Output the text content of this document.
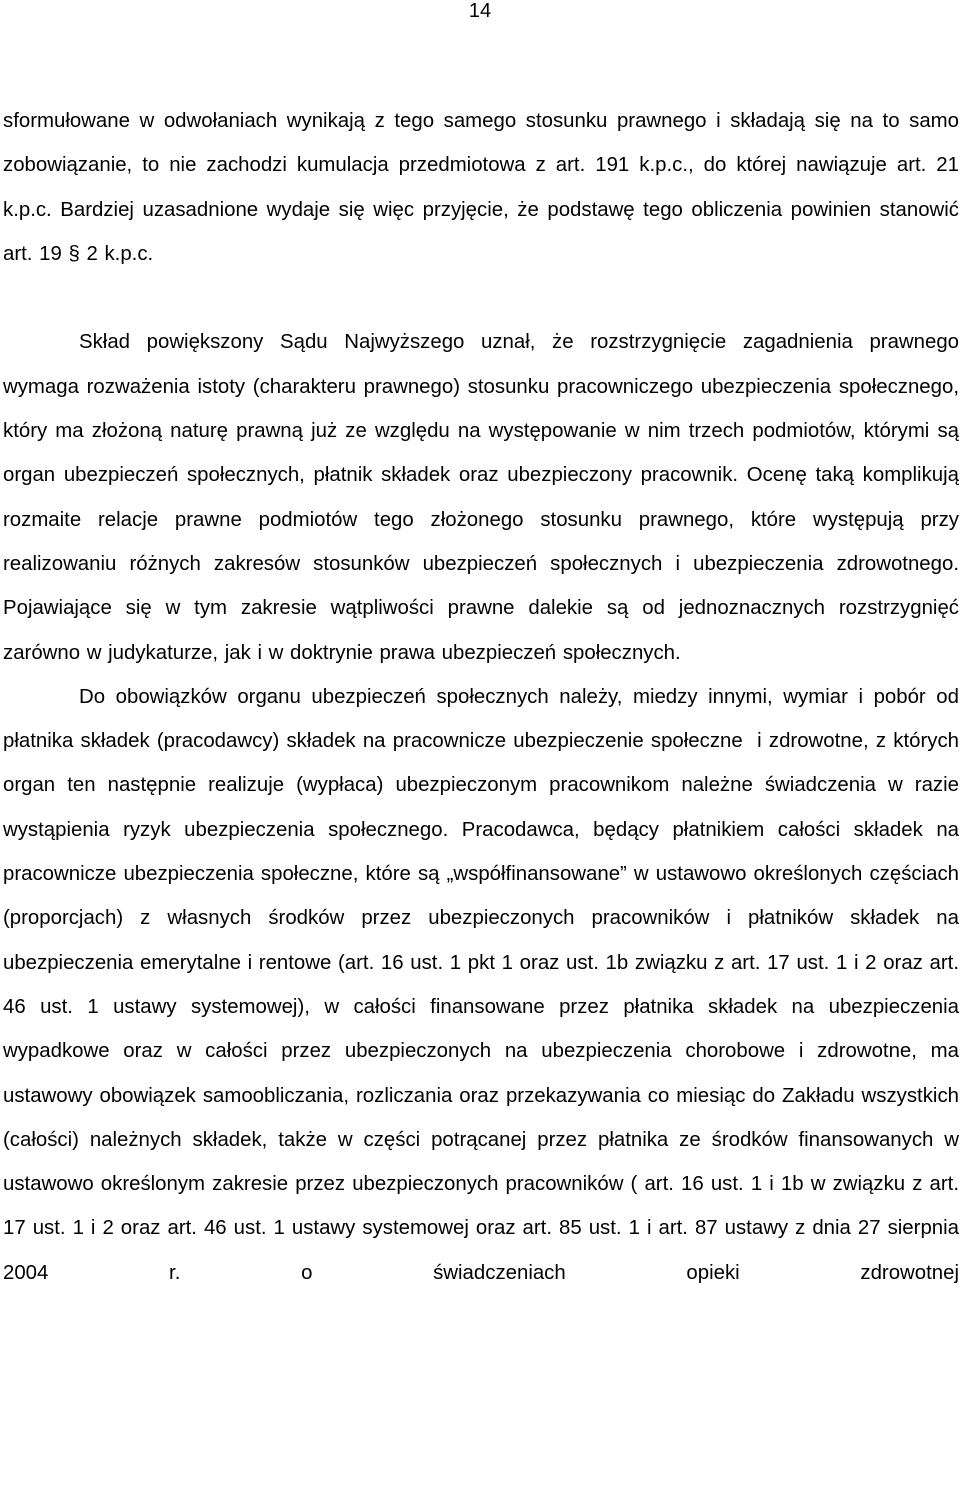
14

sformułowane w odwołaniach wynikają z tego samego stosunku prawnego i składają się na to samo zobowiązanie, to nie zachodzi kumulacja przedmiotowa z art. 191 k.p.c., do której nawiązuje art. 21 k.p.c. Bardziej uzasadnione wydaje się więc przyjęcie, że podstawę tego obliczenia powinien stanowić art. 19 § 2 k.p.c.

Skład powiększony Sądu Najwyższego uznał, że rozstrzygnięcie zagadnienia prawnego wymaga rozważenia istoty (charakteru prawnego) stosunku pracowniczego ubezpieczenia społecznego, który ma złożoną naturę prawną już ze względu na występowanie w nim trzech podmiotów, którymi są organ ubezpieczeń społecznych, płatnik składek oraz ubezpieczony pracownik. Ocenę taką komplikują rozmaite relacje prawne podmiotów tego złożonego stosunku prawnego, które występują przy realizowaniu różnych zakresów stosunków ubezpieczeń społecznych i ubezpieczenia zdrowotnego. Pojawiające się w tym zakresie wątpliwości prawne dalekie są od jednoznacznych rozstrzygnięć zarówno w judykaturze, jak i w doktrynie prawa ubezpieczeń społecznych.

Do obowiązków organu ubezpieczeń społecznych należy, miedzy innymi, wymiar i pobór od płatnika składek (pracodawcy) składek na pracownicze ubezpieczenie społeczne  i zdrowotne, z których organ ten następnie realizuje (wypłaca) ubezpieczonym pracownikom należne świadczenia w razie wystąpienia ryzyk ubezpieczenia społecznego. Pracodawca, będący płatnikiem całości składek na pracownicze ubezpieczenia społeczne, które są „współfinansowane” w ustawowo określonych częściach (proporcjach) z własnych środków przez ubezpieczonych pracowników i płatników składek na ubezpieczenia emerytalne i rentowe (art. 16 ust. 1 pkt 1 oraz ust. 1b związku z art. 17 ust. 1 i 2 oraz art. 46 ust. 1 ustawy systemowej), w całości finansowane przez płatnika składek na ubezpieczenia wypadkowe oraz w całości przez ubezpieczonych na ubezpieczenia chorobowe i zdrowotne, ma ustawowy obowiązek samoobliczania, rozliczania oraz przekazywania co miesiąc do Zakładu wszystkich (całości) należnych składek, także w części potrącanej przez płatnika ze środków finansowanych w ustawowo określonym zakresie przez ubezpieczonych pracowników ( art. 16 ust. 1 i 1b w związku z art. 17 ust. 1 i 2 oraz art. 46 ust. 1 ustawy systemowej oraz art. 85 ust. 1 i art. 87 ustawy z dnia 27 sierpnia 2004 r. o świadczeniach opieki zdrowotnej
